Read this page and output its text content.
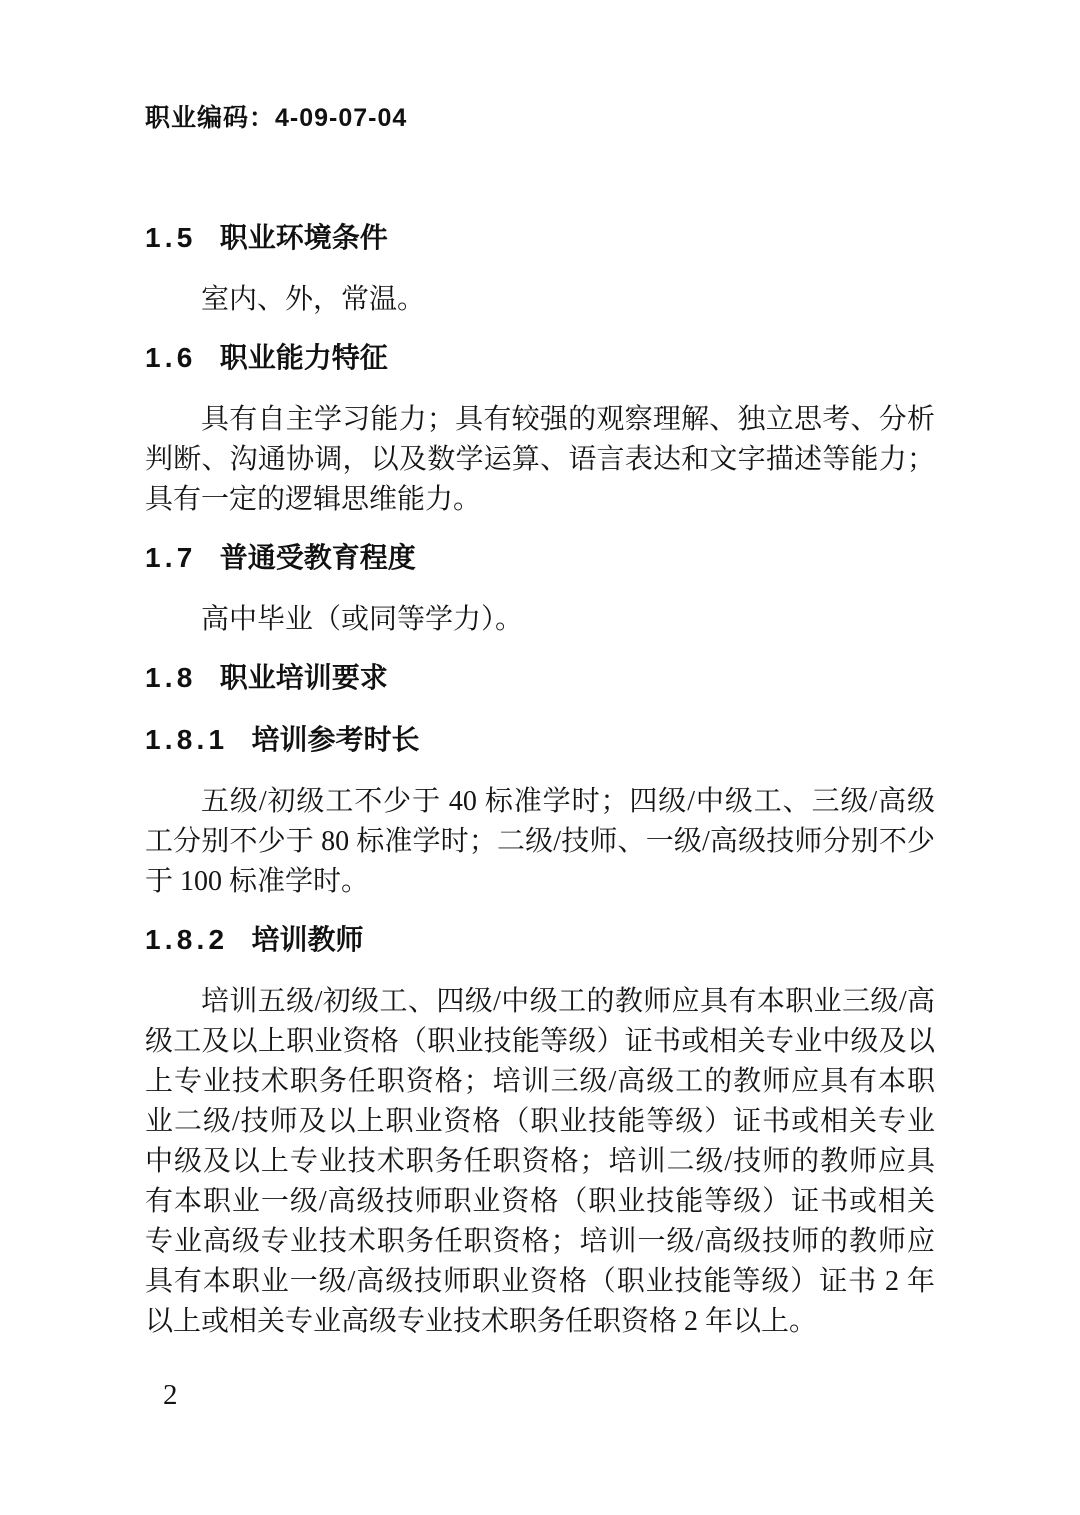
职业编码：4-09-07-04
1.5 职业环境条件

室内、外，常温。

1.6 职业能力特征

具有自主学习能力；具有较强的观察理解、独立思考、分析判断、沟通协调，以及数学运算、语言表达和文字描述等能力；具有一定的逻辑思维能力。

1.7 普通受教育程度

高中毕业（或同等学力）。

1.8 职业培训要求
1.8.1 培训参考时长

五级/初级工不少于 40 标准学时；四级/中级工、三级/高级工分别不少于 80 标准学时；二级/技师、一级/高级技师分别不少于 100 标准学时。

1.8.2 培训教师

培训五级/初级工、四级/中级工的教师应具有本职业三级/高级工及以上职业资格（职业技能等级）证书或相关专业中级及以上专业技术职务任职资格；培训三级/高级工的教师应具有本职业二级/技师及以上职业资格（职业技能等级）证书或相关专业中级及以上专业技术职务任职资格；培训二级/技师的教师应具有本职业一级/高级技师职业资格（职业技能等级）证书或相关专业高级专业技术职务任职资格；培训一级/高级技师的教师应具有本职业一级/高级技师职业资格（职业技能等级）证书 2 年以上或相关专业高级专业技术职务任职资格 2 年以上。

2
